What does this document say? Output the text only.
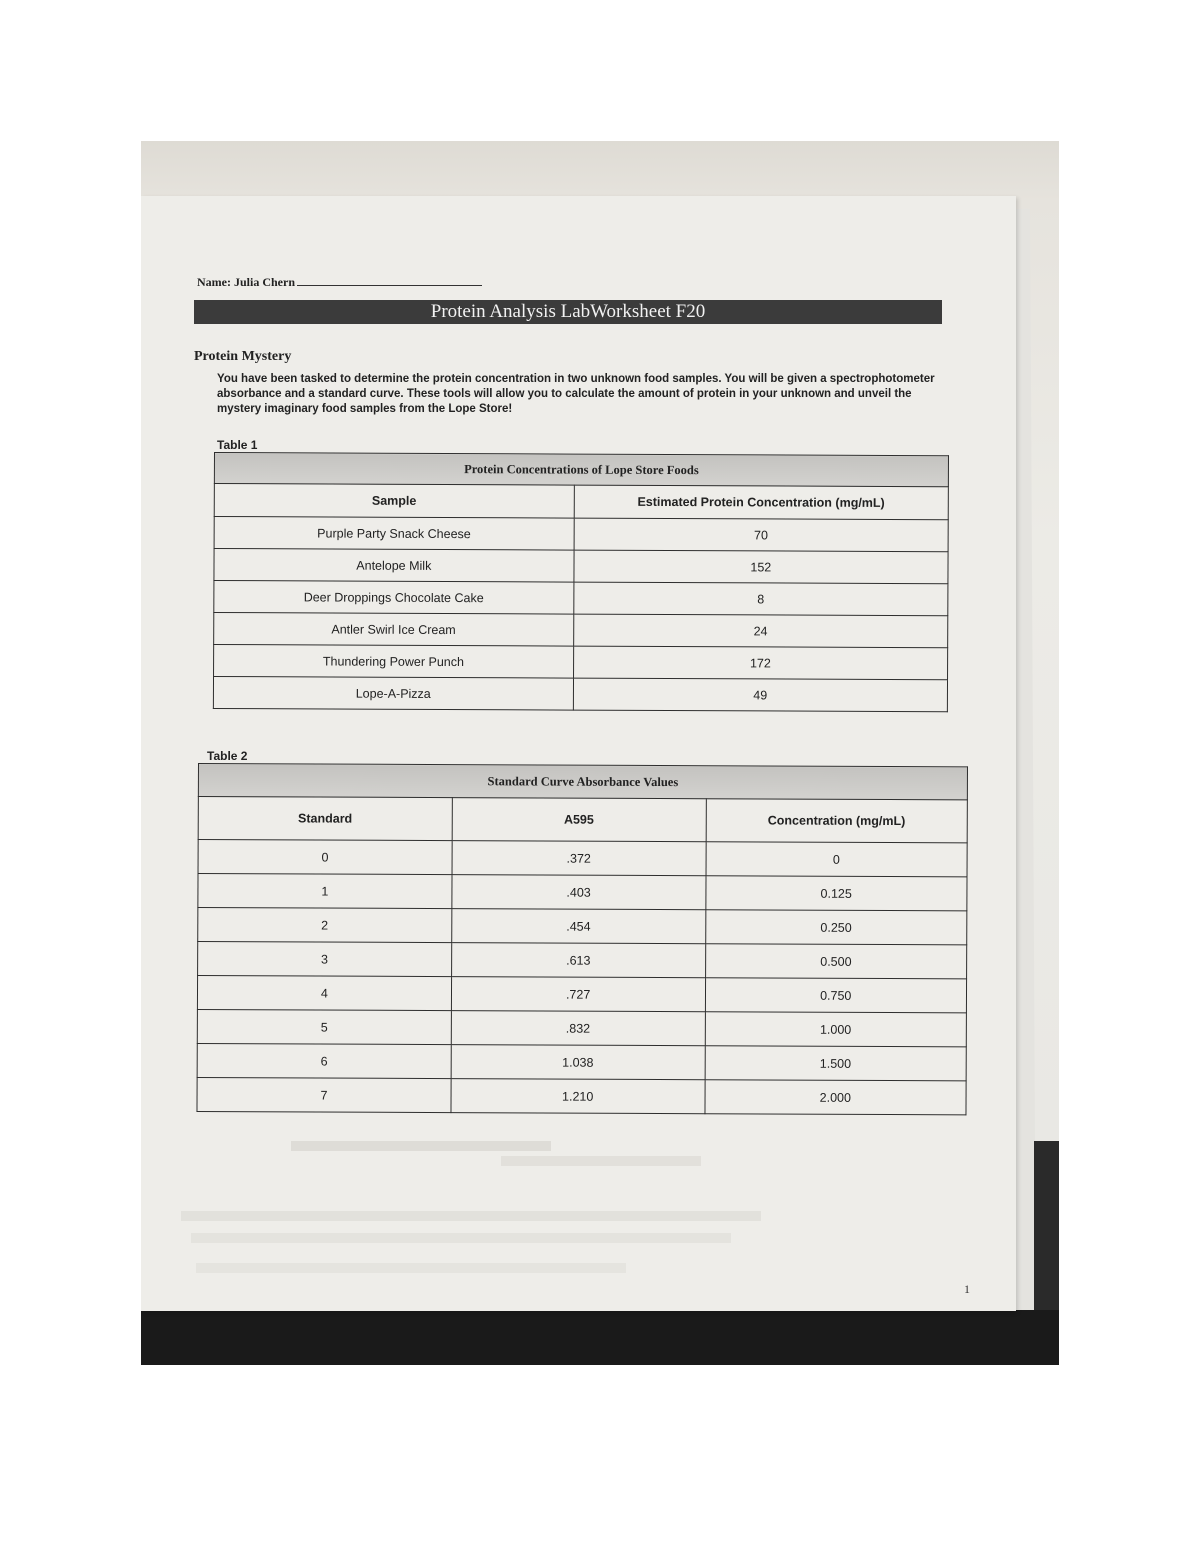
Name: Julia Chern
Protein Analysis LabWorksheet F20
Protein Mystery
You have been tasked to determine the protein concentration in two unknown food samples. You will be given a spectrophotometer absorbance and a standard curve. These tools will allow you to calculate the amount of protein in your unknown and unveil the mystery imaginary food samples from the Lope Store!
Table 1
Protein Concentrations of Lope Store Foods	
Sample	Estimated Protein Concentration (mg/mL)
Purple Party Snack Cheese	70
Antelope Milk	152
Deer Droppings Chocolate Cake	8
Antler Swirl Ice Cream	24
Thundering Power Punch	172
Lope-A-Pizza	49
Table 2
Standard Curve Absorbance Values		
Standard	A595	Concentration (mg/mL)
0	.372	0
1	.403	0.125
2	.454	0.250
3	.613	0.500
4	.727	0.750
5	.832	1.000
6	1.038	1.500
7	1.210	2.000
1
